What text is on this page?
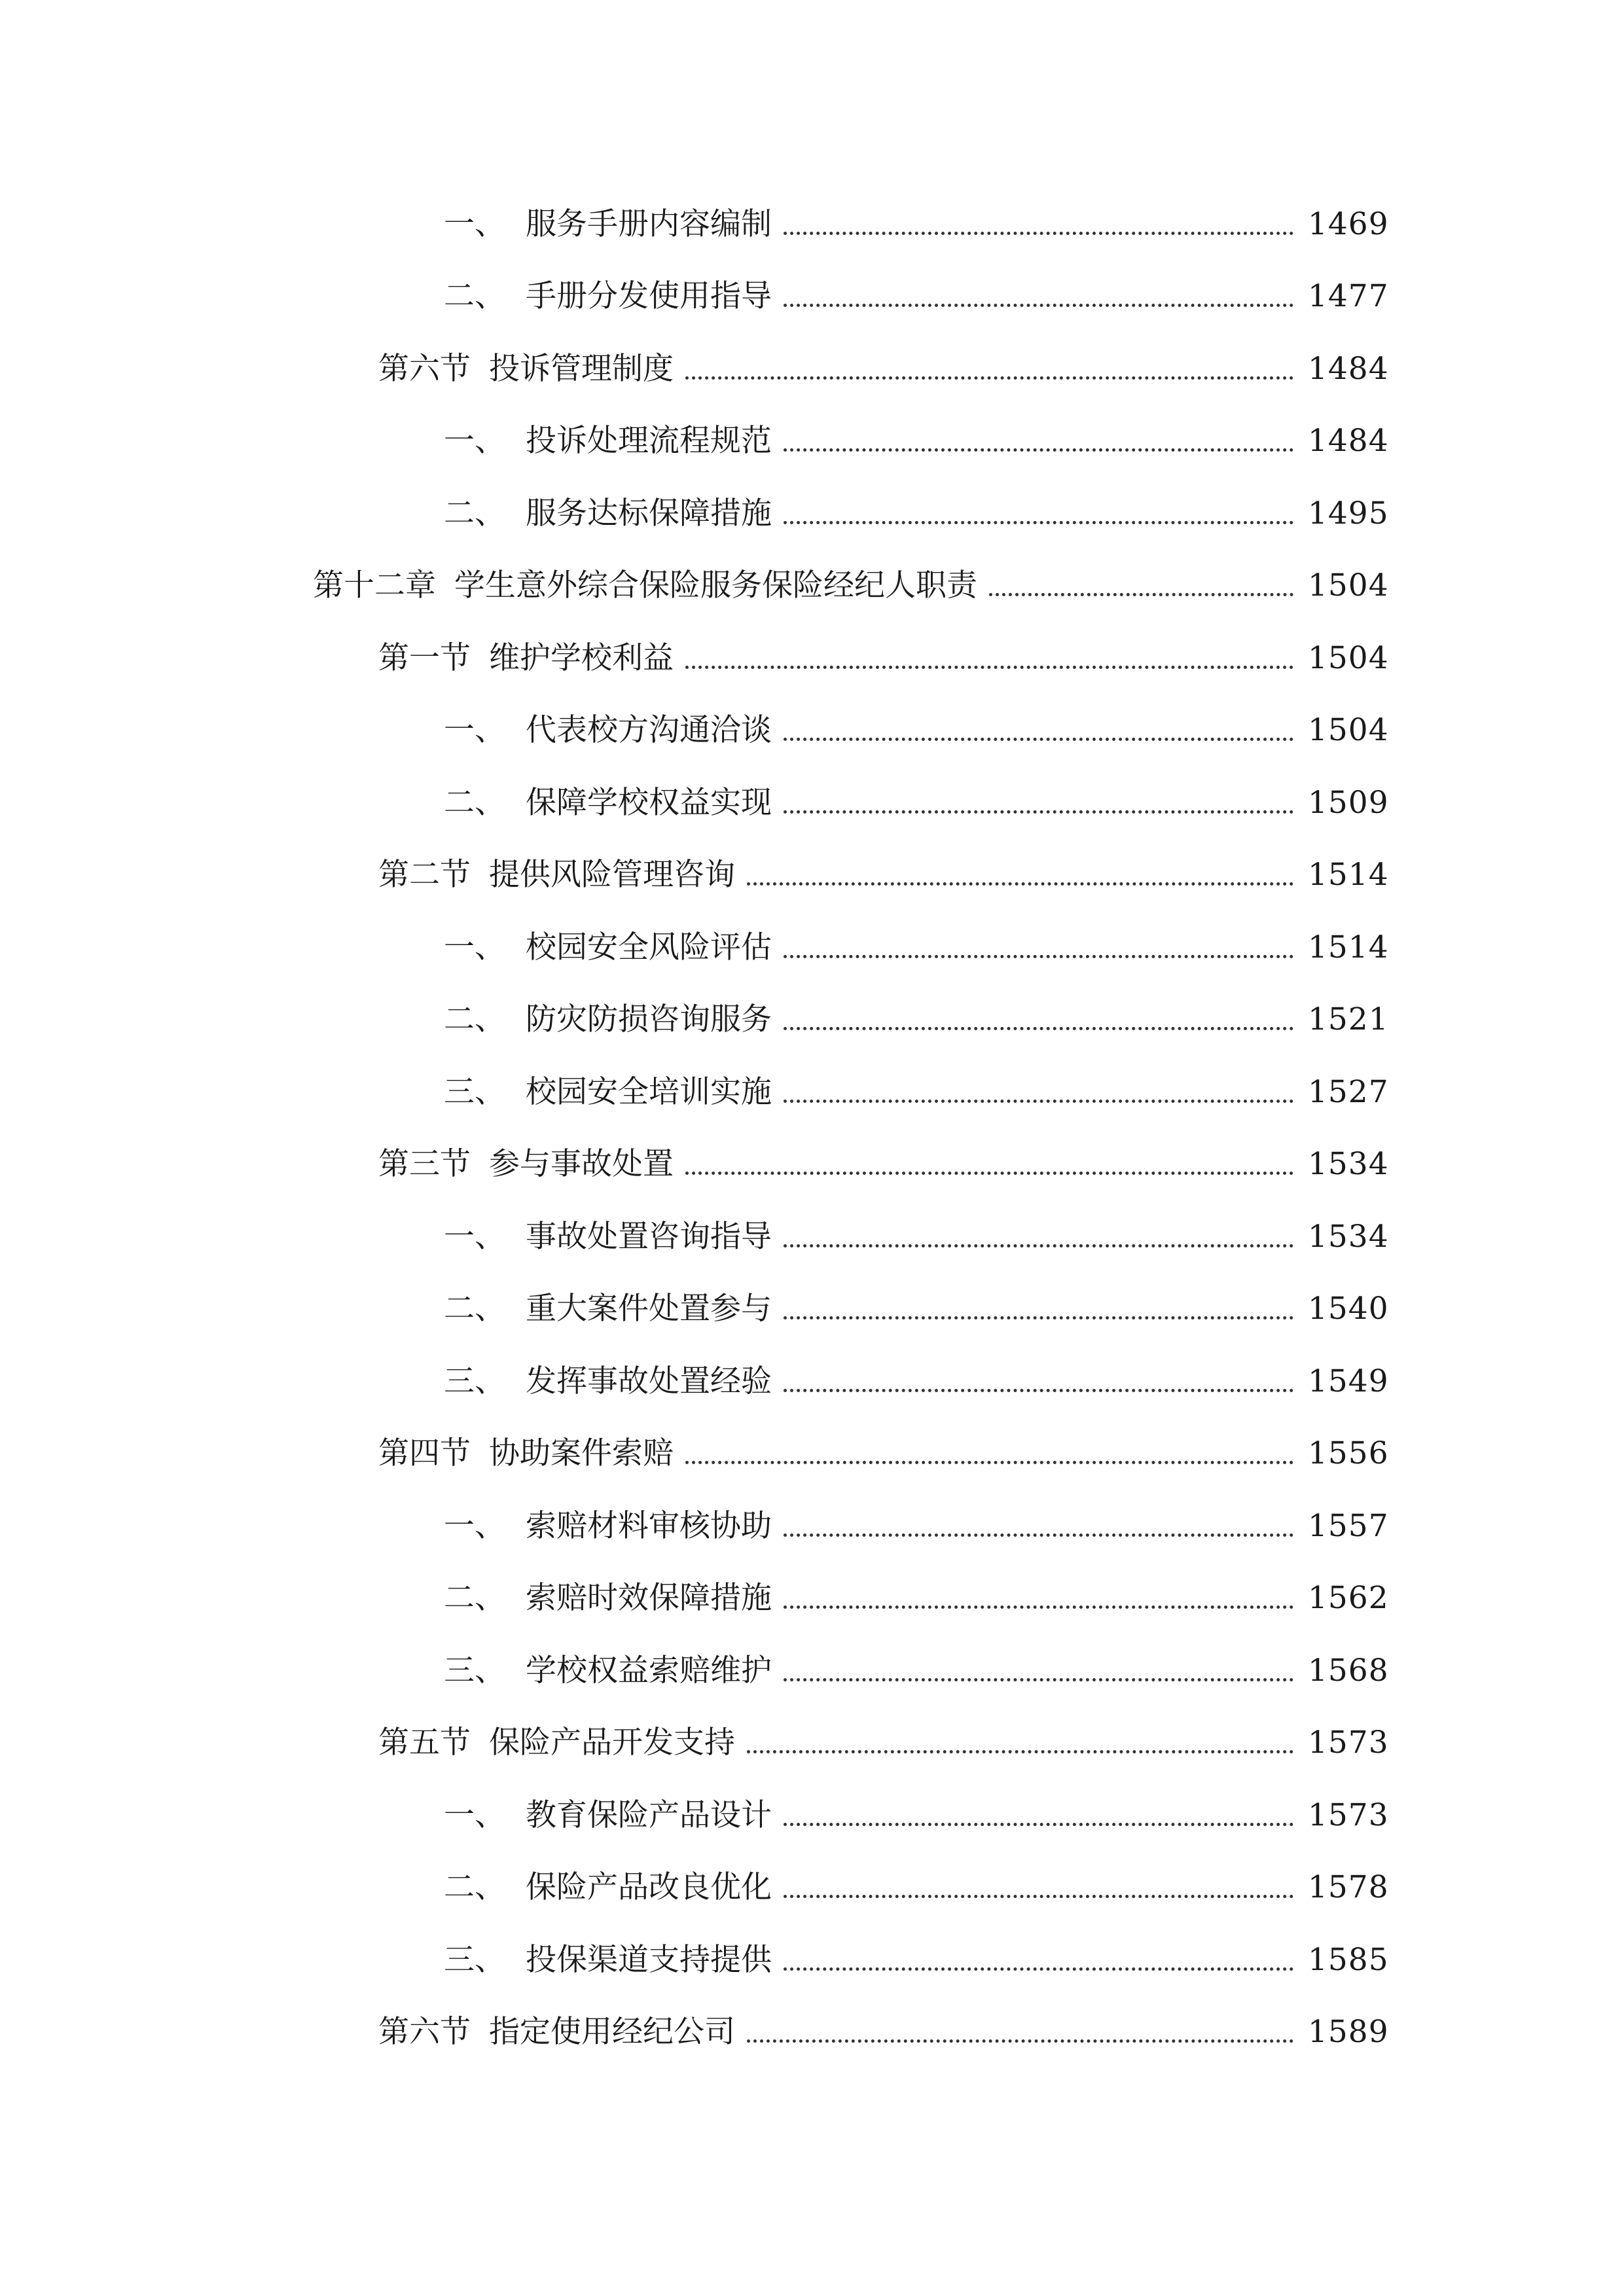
一、 服务手册内容编制	1469
二、 手册分发使用指导	1477
第六节 投诉管理制度	1484
一、 投诉处理流程规范	1484
二、 服务达标保障措施	1495
第十二章 学生意外综合保险服务保险经纪人职责	1504
第一节 维护学校利益	1504
一、 代表校方沟通洽谈	1504
二、 保障学校权益实现	1509
第二节 提供风险管理咨询	1514
一、 校园安全风险评估	1514
二、 防灾防损咨询服务	1521
三、 校园安全培训实施	1527
第三节 参与事故处置	1534
一、 事故处置咨询指导	1534
二、 重大案件处置参与	1540
三、 发挥事故处置经验	1549
第四节 协助案件索赔	1556
一、 索赔材料审核协助	1557
二、 索赔时效保障措施	1562
三、 学校权益索赔维护	1568
第五节 保险产品开发支持	1573
一、 教育保险产品设计	1573
二、 保险产品改良优化	1578
三、 投保渠道支持提供	1585
第六节 指定使用经纪公司	1589
